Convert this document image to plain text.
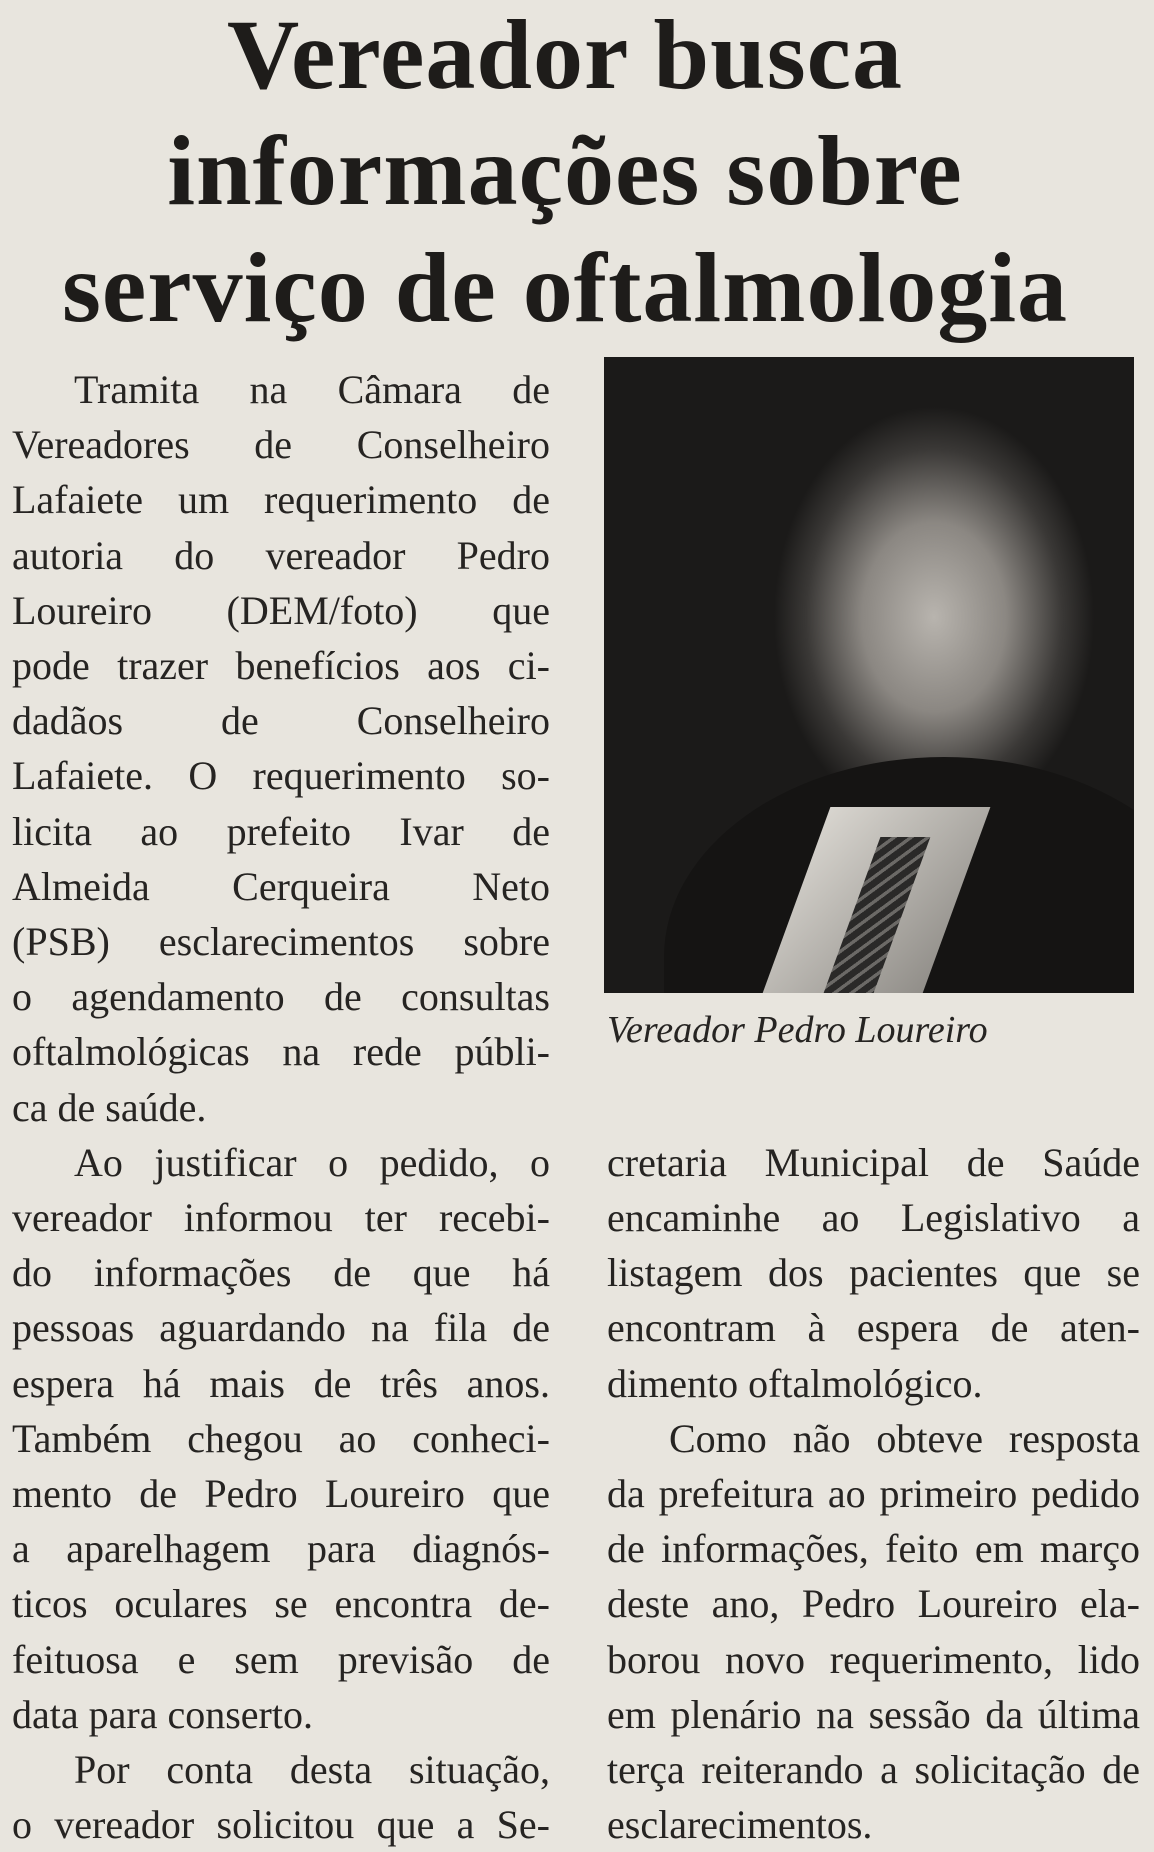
Vereador busca
informações sobre
serviço de oftalmologia
Vereador Pedro Loureiro
Tramita na Câmara de
Vereadores de Conselheiro
Lafaiete um requerimento de
autoria do vereador Pedro
Loureiro (DEM/foto) que
pode trazer benefícios aos ci-
dadãos de Conselheiro
Lafaiete. O requerimento so-
licita ao prefeito Ivar de
Almeida Cerqueira Neto
(PSB) esclarecimentos sobre
o agendamento de consultas
oftalmológicas na rede públi-
ca de saúde.
Ao justificar o pedido, o
vereador informou ter recebi-
do informações de que há
pessoas aguardando na fila de
espera há mais de três anos.
Também chegou ao conheci-
mento de Pedro Loureiro que
a aparelhagem para diagnós-
ticos oculares se encontra de-
feituosa e sem previsão de
data para conserto.
Por conta desta situação,
o vereador solicitou que a Se-
cretaria Municipal de Saúde
encaminhe ao Legislativo a
listagem dos pacientes que se
encontram à espera de aten-
dimento oftalmológico.
Como não obteve resposta
da prefeitura ao primeiro pedido
de informações, feito em março
deste ano, Pedro Loureiro ela-
borou novo requerimento, lido
em plenário na sessão da última
terça reiterando a solicitação de
esclarecimentos.
